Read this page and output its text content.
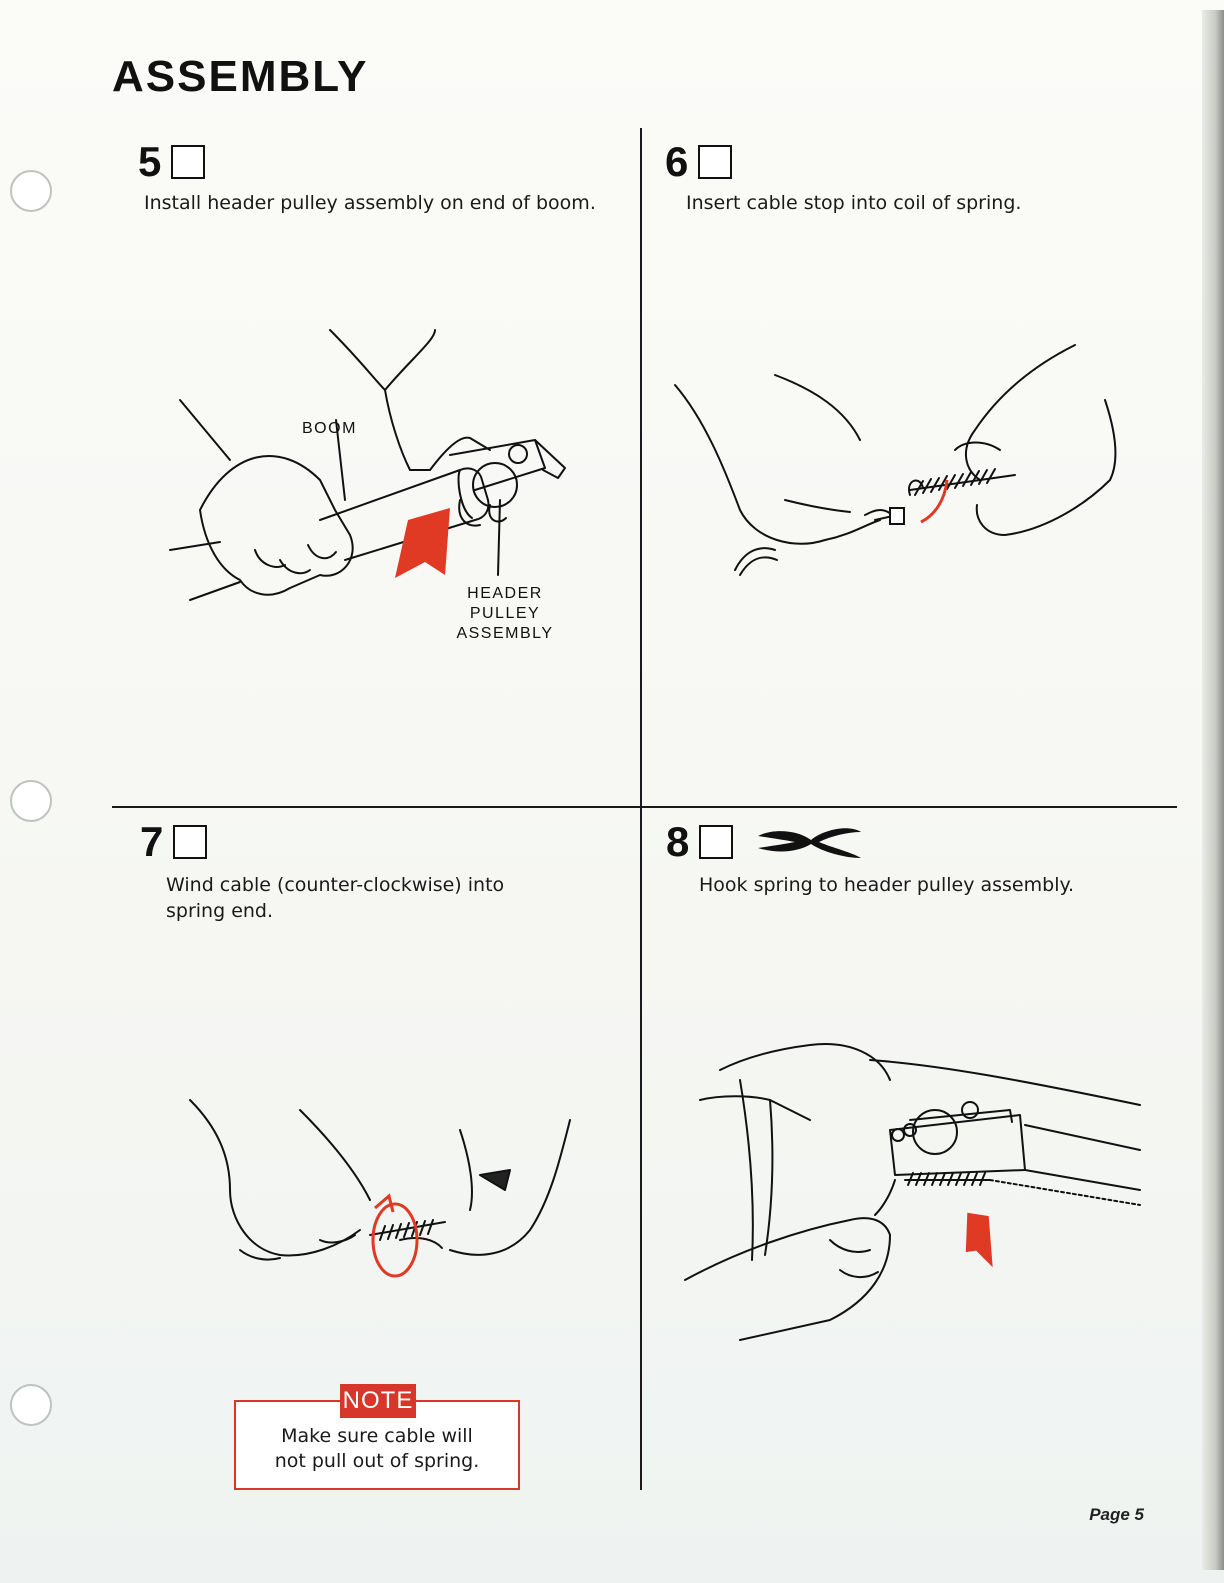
ASSEMBLY
5

Install header pulley assembly on end of boom.

BOOM
HEADER
PULLEY
ASSEMBLY
6

Insert cable stop into coil of spring.

7

Wind cable (counter-clockwise) into spring end.

NOTE
Make sure cable will
not pull out of spring.
8

Hook spring to header pulley assembly.

Page 5
